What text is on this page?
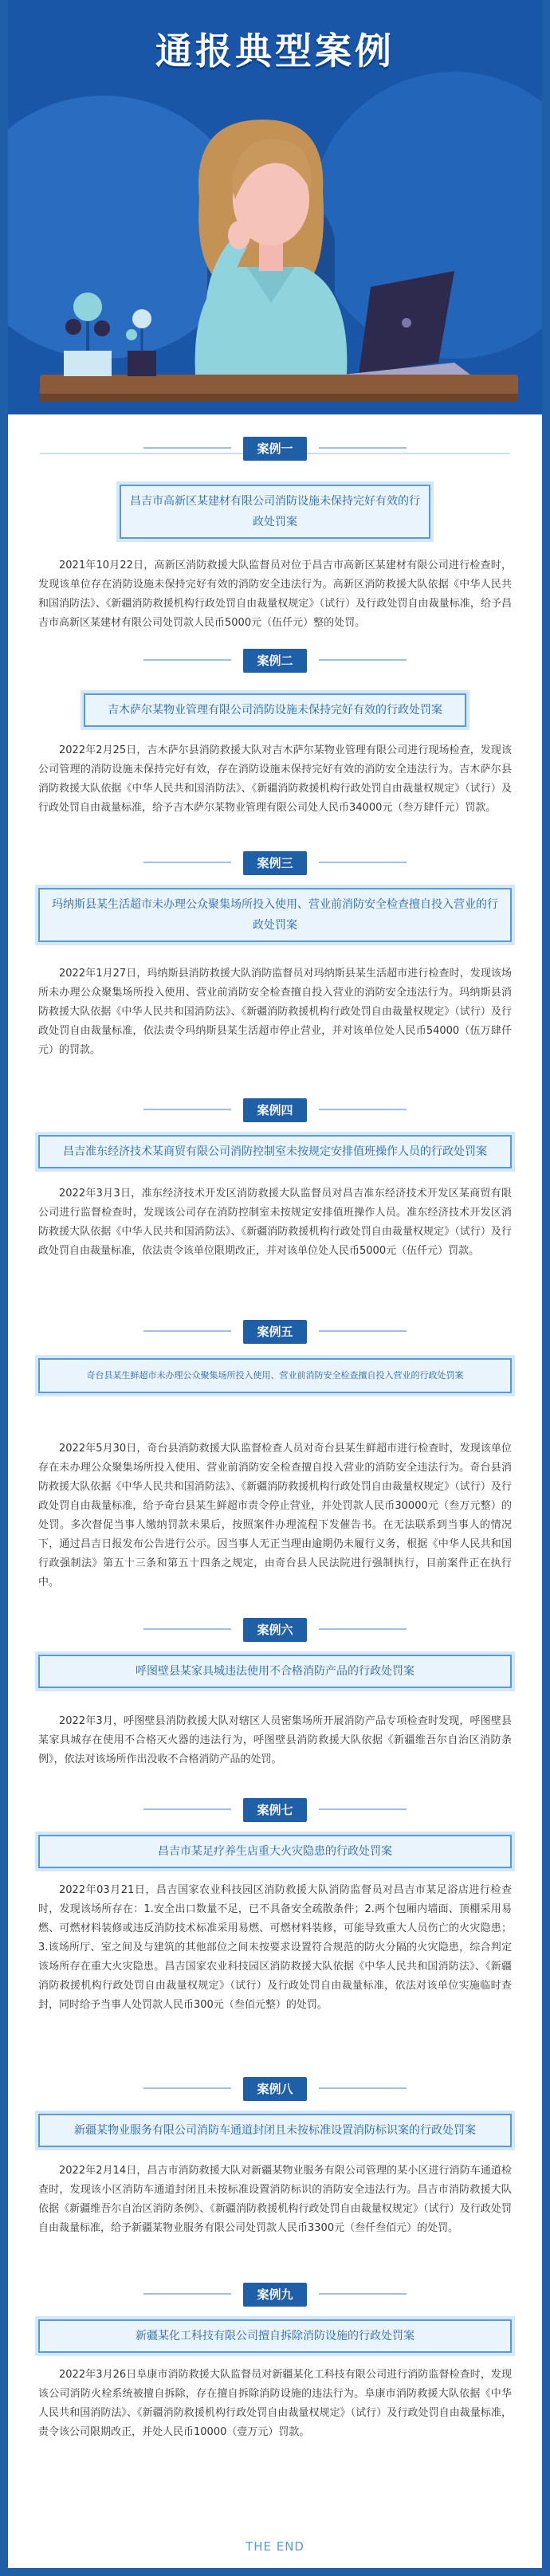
通报典型案例
案例一
昌吉市高新区某建材有限公司消防设施未保持完好有效的行政处罚案
2021年10月22日，高新区消防救援大队监督员对位于昌吉市高新区某建材有限公司进行检查时，发现该单位存在消防设施未保持完好有效的消防安全违法行为。高新区消防救援大队依据《中华人民共和国消防法》、《新疆消防救援机构行政处罚自由裁量权规定》（试行）及行政处罚自由裁量标准，给予昌吉市高新区某建材有限公司处罚款人民币5000元（伍仟元）整的处罚。
案例二
吉木萨尔某物业管理有限公司消防设施未保持完好有效的行政处罚案
2022年2月25日，吉木萨尔县消防救援大队对吉木萨尔某物业管理有限公司进行现场检查，发现该公司管理的消防设施未保持完好有效，存在消防设施未保持完好有效的消防安全违法行为。吉木萨尔县消防救援大队依据《中华人民共和国消防法》、《新疆消防救援机构行政处罚自由裁量权规定》（试行）及行政处罚自由裁量标准，给予吉木萨尔某物业管理有限公司处人民币34000元（叁万肆仟元）罚款。
案例三
玛纳斯县某生活超市未办理公众聚集场所投入使用、营业前消防安全检查擅自投入营业的行政处罚案
2022年1月27日，玛纳斯县消防救援大队消防监督员对玛纳斯县某生活超市进行检查时，发现该场所未办理公众聚集场所投入使用、营业前消防安全检查擅自投入营业的消防安全违法行为。玛纳斯县消防救援大队依据《中华人民共和国消防法》、《新疆消防救援机构行政处罚自由裁量权规定》（试行）及行政处罚自由裁量标准，依法责令玛纳斯县某生活超市停止营业，并对该单位处人民币54000（伍万肆仟元）的罚款。
案例四
昌吉准东经济技术某商贸有限公司消防控制室未按规定安排值班操作人员的行政处罚案
2022年3月3日，准东经济技术开发区消防救援大队监督员对昌吉准东经济技术开发区某商贸有限公司进行监督检查时，发现该公司存在消防控制室未按规定安排值班操作人员。准东经济技术开发区消防救援大队依据《中华人民共和国消防法》、《新疆消防救援机构行政处罚自由裁量权规定》（试行）及行政处罚自由裁量标准，依法责令该单位限期改正，并对该单位处人民币5000元（伍仟元）罚款。
案例五
奇台县某生鲜超市未办理公众聚集场所投入使用、营业前消防安全检查擅自投入营业的行政处罚案
2022年5月30日，奇台县消防救援大队监督检查人员对奇台县某生鲜超市进行检查时，发现该单位存在未办理公众聚集场所投入使用、营业前消防安全检查擅自投入营业的消防安全违法行为。奇台县消防救援大队依据《中华人民共和国消防法》、《新疆消防救援机构行政处罚自由裁量权规定》（试行）及行政处罚自由裁量标准，给予奇台县某生鲜超市责令停止营业，并处罚款人民币30000元（叁万元整）的处罚。多次督促当事人缴纳罚款未果后，按照案件办理流程下发催告书。在无法联系到当事人的情况下，通过昌吉日报发布公告进行公示。因当事人无正当理由逾期仍未履行义务，根据《中华人民共和国行政强制法》第五十三条和第五十四条之规定，由奇台县人民法院进行强制执行，目前案件正在执行中。
案例六
呼图壁县某家具城违法使用不合格消防产品的行政处罚案
2022年3月，呼图壁县消防救援大队对辖区人员密集场所开展消防产品专项检查时发现，呼图壁县某家具城存在使用不合格灭火器的违法行为，呼图壁县消防救援大队依据《新疆维吾尔自治区消防条例》，依法对该场所作出没收不合格消防产品的处罚。
案例七
昌吉市某足疗养生店重大火灾隐患的行政处罚案
2022年03月21日，昌吉国家农业科技园区消防救援大队消防监督员对昌吉市某足浴店进行检查时，发现该场所存在：1.安全出口数量不足，已不具备安全疏散条件；2.两个包厢内墙面、顶棚采用易燃、可燃材料装修或违反消防技术标准采用易燃、可燃材料装修，可能导致重大人员伤亡的火灾隐患；3.该场所厅、室之间及与建筑的其他部位之间未按要求设置符合规范的防火分隔的火灾隐患，综合判定该场所存在重大火灾隐患。昌吉国家农业科技园区消防救援大队依据《中华人民共和国消防法》、《新疆消防救援机构行政处罚自由裁量权规定》（试行）及行政处罚自由裁量标准，依法对该单位实施临时查封，同时给予当事人处罚款人民币300元（叁佰元整）的处罚。
案例八
新疆某物业服务有限公司消防车通道封闭且未按标准设置消防标识案的行政处罚案
2022年2月14日，昌吉市消防救援大队对新疆某物业服务有限公司管理的某小区进行消防车通道检查时，发现该小区消防车通道封闭且未按标准设置消防标识的消防安全违法行为。昌吉市消防救援大队依据《新疆维吾尔自治区消防条例》、《新疆消防救援机构行政处罚自由裁量权规定》（试行）及行政处罚自由裁量标准，给予新疆某物业服务有限公司处罚款人民币3300元（叁仟叁佰元）的处罚。
案例九
新疆某化工科技有限公司擅自拆除消防设施的行政处罚案
2022年3月26日阜康市消防救援大队监督员对新疆某化工科技有限公司进行消防监督检查时，发现该公司消防火栓系统被擅自拆除，存在擅自拆除消防设施的违法行为。阜康市消防救援大队依据《中华人民共和国消防法》、《新疆消防救援机构行政处罚自由裁量权规定》（试行）及行政处罚自由裁量标准，责令该公司限期改正，并处人民币10000（壹万元）罚款。
THE END
